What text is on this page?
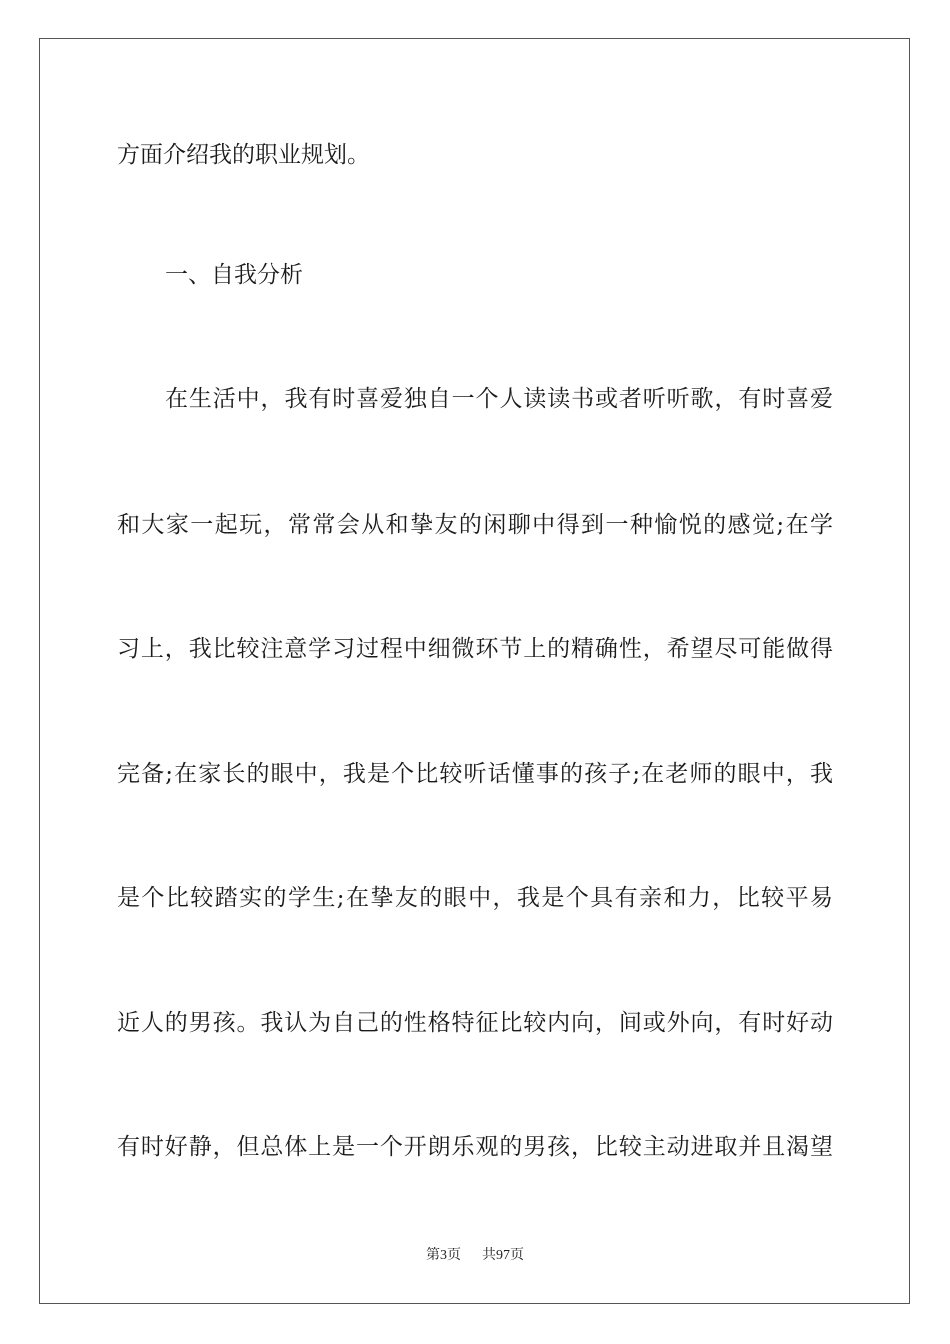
方面介绍我的职业规划。
一、自我分析
在生活中，我有时喜爱独自一个人读读书或者听听歌，有时喜爱
和大家一起玩，常常会从和挚友的闲聊中得到一种愉悦的感觉;在学
习上，我比较注意学习过程中细微环节上的精确性，希望尽可能做得
完备;在家长的眼中，我是个比较听话懂事的孩子;在老师的眼中，我
是个比较踏实的学生;在挚友的眼中，我是个具有亲和力，比较平易
近人的男孩。我认为自己的性格特征比较内向，间或外向，有时好动
有时好静，但总体上是一个开朗乐观的男孩，比较主动进取并且渴望
第3页 共97页
